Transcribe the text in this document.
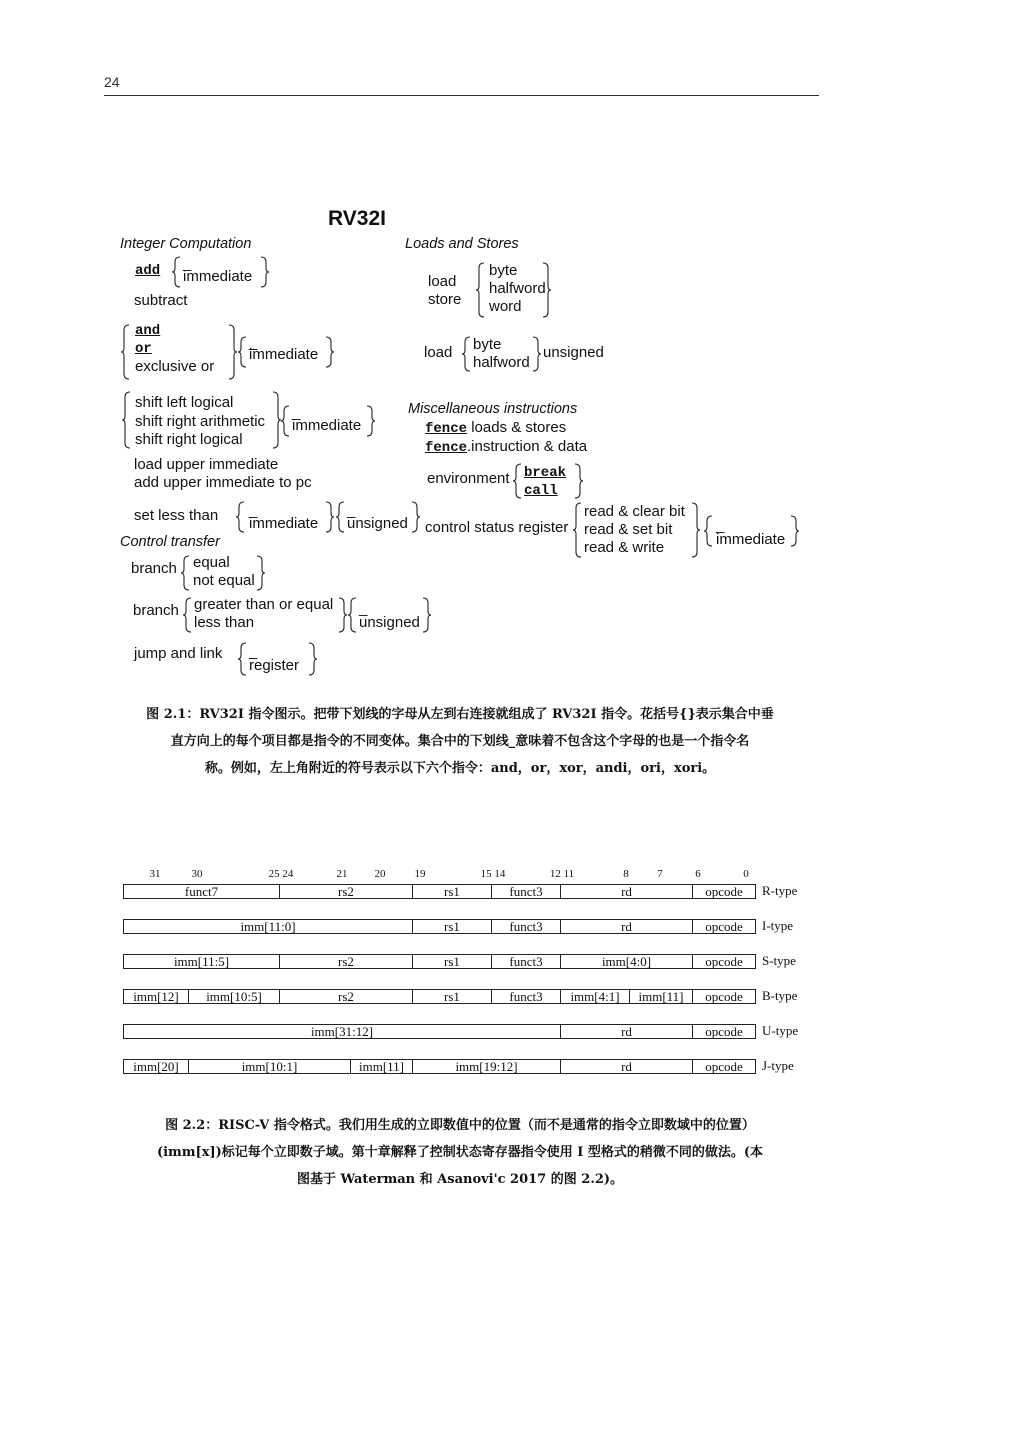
24
RV32I
Integer Computation
add _
immediate
subtract
and
or
exclusive or
_
immediate
shift left logical
shift right arithmetic
shift right logical
_
immediate
load upper immediate
add upper immediate to pc
set less than _
immediate
_
unsigned
Control transfer
branch equal
not equal
branch greater than or equal
less than
_
unsigned
jump and link _
register
Loads and Stores
load
store
byte
halfword
word
load byte
halfword
unsigned
Miscellaneous instructions
fence loads & stores
fence.instruction & data
environment break
call
control status register
read & clear bit
read & set bit
read & write
_
immediate
图 2.1：RV32I 指令图示。把带下划线的字母从左到右连接就组成了 RV32I 指令。花括号{}表示集合中垂
直方向上的每个项目都是指令的不同变体。集合中的下划线_意味着不包含这个字母的也是一个指令名
称。例如，左上角附近的符号表示以下六个指令：and，or，xor，andi，ori，xori。
31	30	25 24	21 20	19	15 14	12 11	8	7	6	0
funct7	rs2	rs1	funct3	rd	opcode	R-type
imm[11:0]	rs1	funct3	rd	opcode	I-type
imm[11:5]	rs2	rs1	funct3	imm[4:0]	opcode	S-type
imm[12]	imm[10:5]	rs2	rs1	funct3	imm[4:1]	imm[11]	opcode	B-type
imm[31:12]	rd	opcode	U-type
imm[20]	imm[10:1]	imm[11]	imm[19:12]	rd	opcode	J-type
图 2.2：RISC-V 指令格式。我们用生成的立即数值中的位置（而不是通常的指令立即数域中的位置）
(imm[x])标记每个立即数子域。第十章解释了控制状态寄存器指令使用 I 型格式的稍微不同的做法。(本
图基于 Waterman 和 Asanovi'c 2017 的图 2.2)。
